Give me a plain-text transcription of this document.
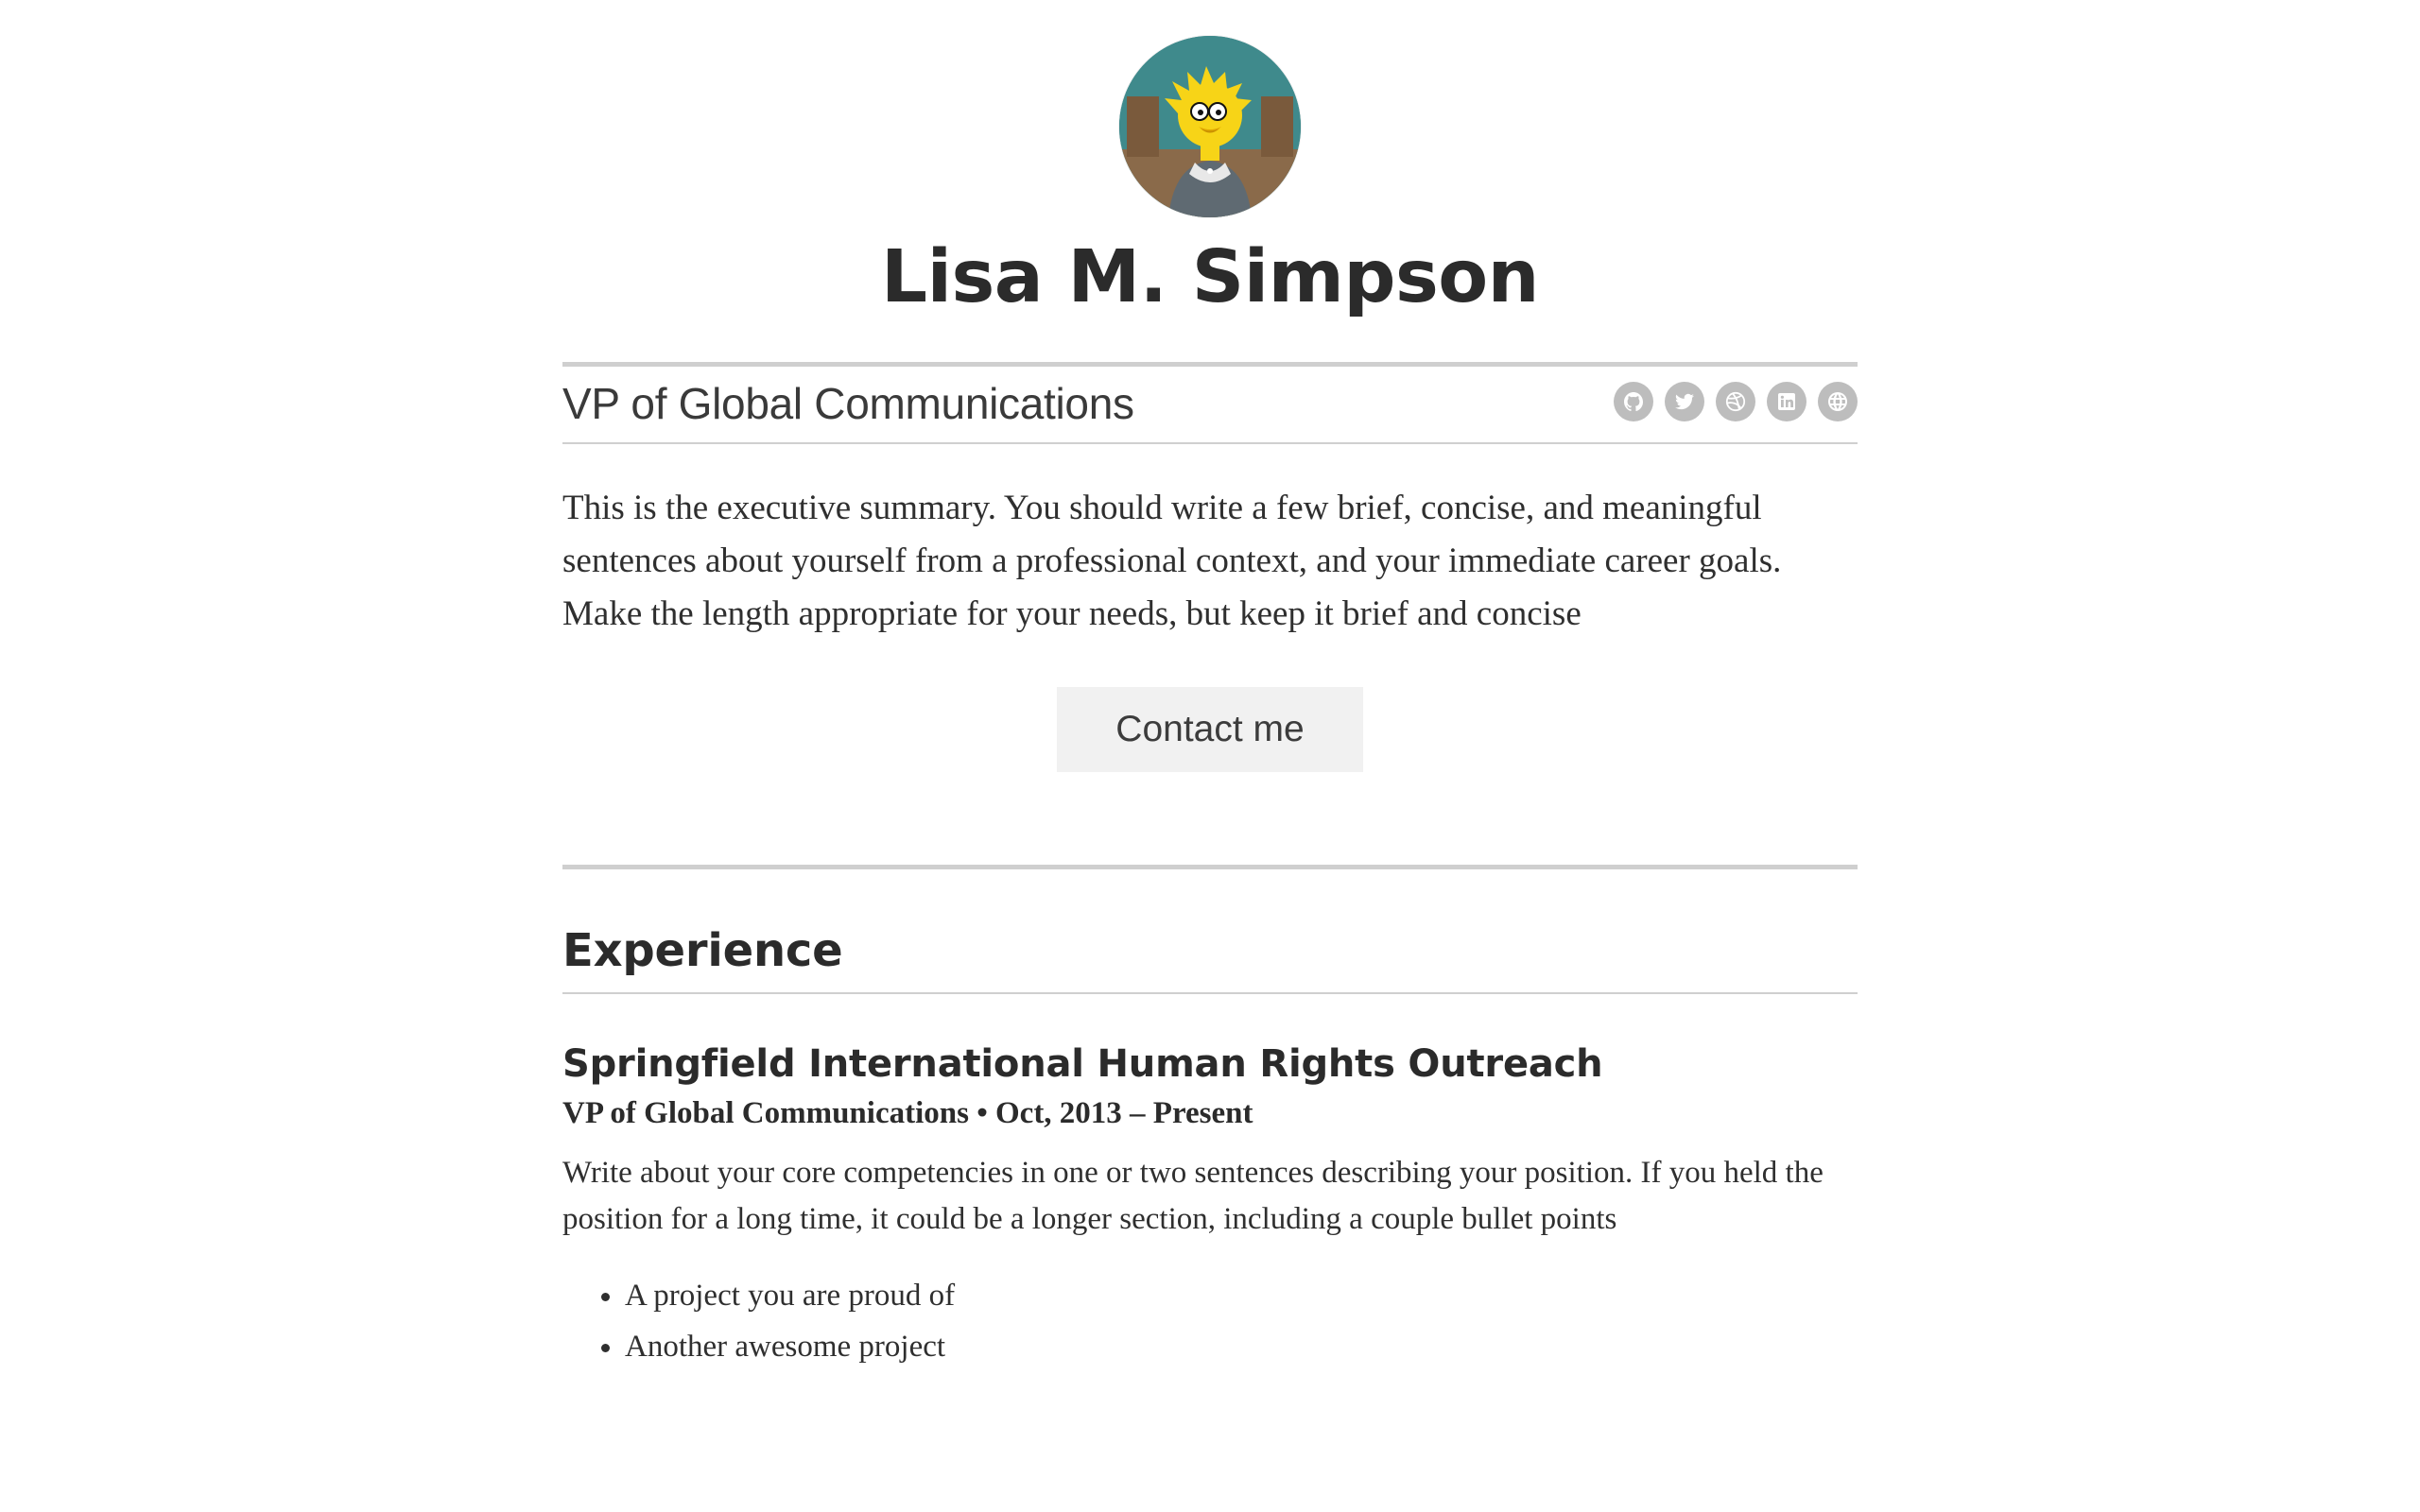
Lisa M. Simpson
VP of Global Communications

This is the executive summary. You should write a few brief, concise, and meaningful sentences about yourself from a professional context, and your immediate career goals. Make the length appropriate for your needs, but keep it brief and concise

Contact me
Experience
Springfield International Human Rights Outreach
VP of Global Communications • Oct, 2013 – Present

Write about your core competencies in one or two sentences describing your position. If you held the position for a long time, it could be a longer section, including a couple bullet points

• A project you are proud of
• Another awesome project
